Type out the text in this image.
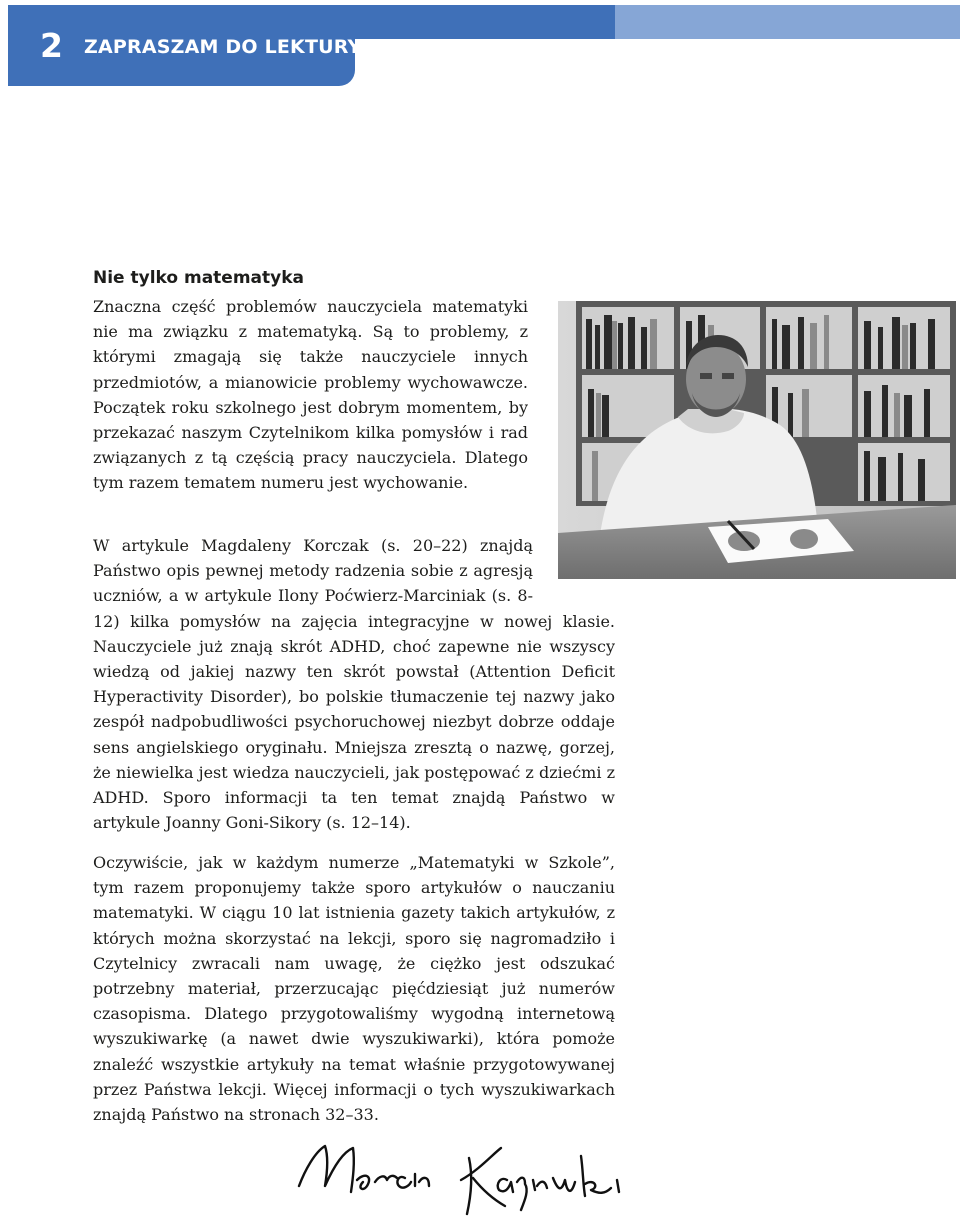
2 ZAPRASZAM DO LEKTURY!
Nie tylko matematyka

Znaczna część problemów nauczyciela matematyki nie ma związku z matematyką. Są to problemy, z którymi zmagają się także nauczyciele innych przedmiotów, a mianowicie problemy wychowawcze. Początek roku szkolnego jest dobrym momentem, by przekazać naszym Czytelnikom kilka pomysłów i rad związanych z tą częścią pracy nauczyciela. Dlatego tym razem tematem numeru jest wychowanie.

W artykule Magdaleny Korczak (s. 20–22) znajdą Państwo opis pewnej metody radzenia sobie z agresją uczniów, a w artykule Ilony Poćwierz-Marciniak (s. 8-12) kilka pomysłów na zajęcia integracyjne w nowej klasie. Nauczyciele już znają skrót ADHD, choć zapewne nie wszyscy wiedzą od jakiej nazwy ten skrót powstał (Attention Deficit Hyperactivity Disorder), bo polskie tłumaczenie tej nazwy jako zespół nadpobudliwości psychoruchowej niezbyt dobrze oddaje sens angielskiego oryginału. Mniejsza zresztą o nazwę, gorzej, że niewielka jest wiedza nauczycieli, jak postępować z dziećmi z ADHD. Sporo informacji ta ten temat znajdą Państwo w artykule Joanny Goni-Sikory (s. 12–14).

Oczywiście, jak w każdym numerze „Matematyki w Szkole”, tym razem proponujemy także sporo artykułów o nauczaniu matematyki. W ciągu 10 lat istnienia gazety takich artykułów, z których można skorzystać na lekcji, sporo się nagromadziło i Czytelnicy zwracali nam uwagę, że ciężko jest odszukać potrzebny materiał, przerzucając pięćdziesiąt już numerów czasopisma. Dlatego przygotowaliśmy wygodną internetową wyszukiwarkę (a nawet dwie wyszukiwarki), która pomoże znaleźć wszystkie artykuły na temat właśnie przygotowywanej przez Państwa lekcji. Więcej informacji o tych wyszukiwarkach znajdą Państwo na stronach 32–33.
